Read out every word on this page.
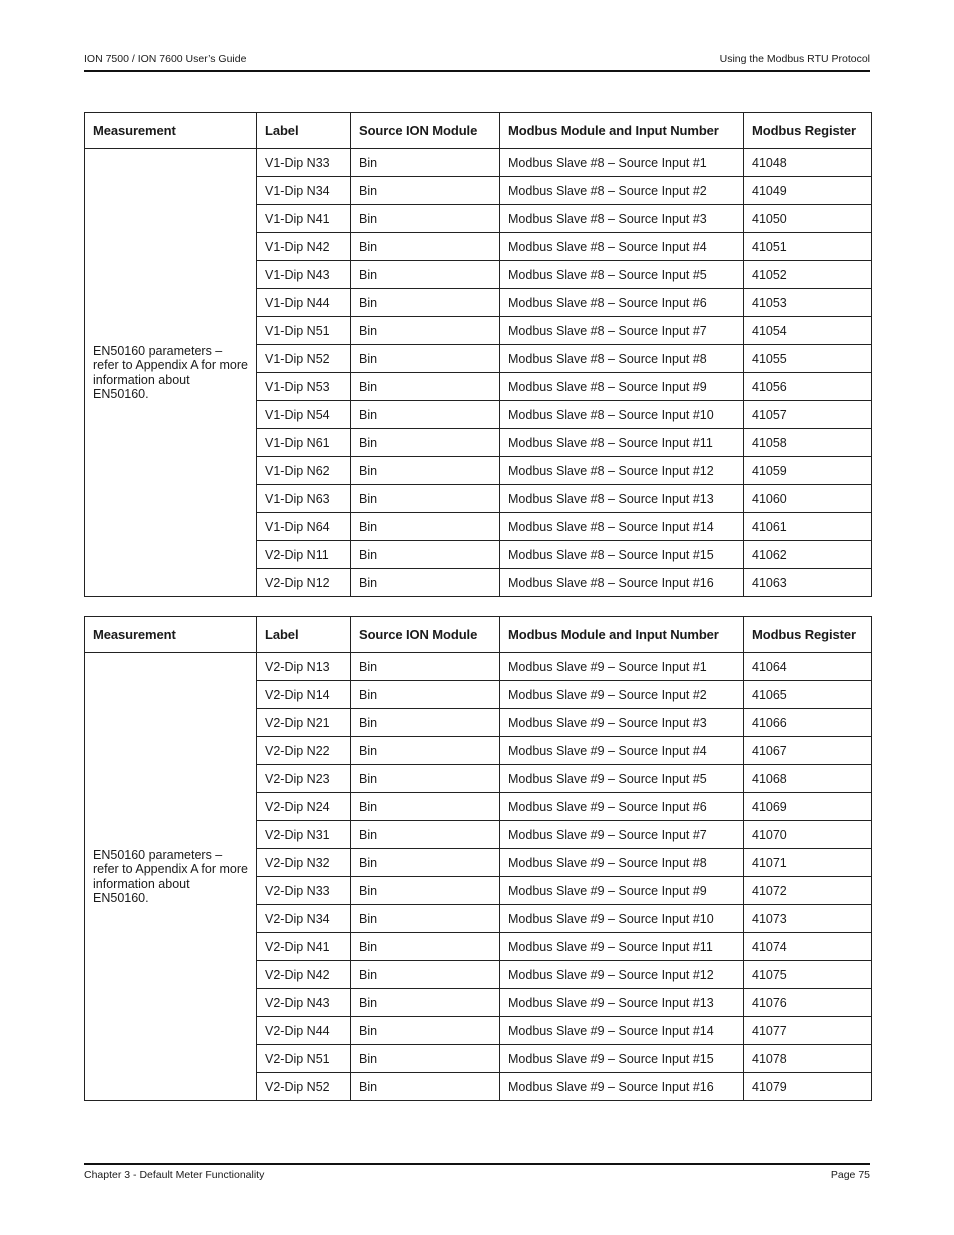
ION 7500 / ION 7600 User’s Guide	Using the Modbus RTU Protocol
Measurement	Label	Source ION Module	Modbus Module and Input Number	Modbus Register
EN50160 parameters – refer to Appendix A for more information about EN50160.	V1-Dip N33	Bin	Modbus Slave #8 – Source Input #1	41048
	V1-Dip N34	Bin	Modbus Slave #8 – Source Input #2	41049
	V1-Dip N41	Bin	Modbus Slave #8 – Source Input #3	41050
	V1-Dip N42	Bin	Modbus Slave #8 – Source Input #4	41051
	V1-Dip N43	Bin	Modbus Slave #8 – Source Input #5	41052
	V1-Dip N44	Bin	Modbus Slave #8 – Source Input #6	41053
	V1-Dip N51	Bin	Modbus Slave #8 – Source Input #7	41054
	V1-Dip N52	Bin	Modbus Slave #8 – Source Input #8	41055
	V1-Dip N53	Bin	Modbus Slave #8 – Source Input #9	41056
	V1-Dip N54	Bin	Modbus Slave #8 – Source Input #10	41057
	V1-Dip N61	Bin	Modbus Slave #8 – Source Input #11	41058
	V1-Dip N62	Bin	Modbus Slave #8 – Source Input #12	41059
	V1-Dip N63	Bin	Modbus Slave #8 – Source Input #13	41060
	V1-Dip N64	Bin	Modbus Slave #8 – Source Input #14	41061
	V2-Dip N11	Bin	Modbus Slave #8 – Source Input #15	41062
	V2-Dip N12	Bin	Modbus Slave #8 – Source Input #16	41063
Measurement	Label	Source ION Module	Modbus Module and Input Number	Modbus Register
EN50160 parameters – refer to Appendix A for more information about EN50160.	V2-Dip N13	Bin	Modbus Slave #9 – Source Input #1	41064
	V2-Dip N14	Bin	Modbus Slave #9 – Source Input #2	41065
	V2-Dip N21	Bin	Modbus Slave #9 – Source Input #3	41066
	V2-Dip N22	Bin	Modbus Slave #9 – Source Input #4	41067
	V2-Dip N23	Bin	Modbus Slave #9 – Source Input #5	41068
	V2-Dip N24	Bin	Modbus Slave #9 – Source Input #6	41069
	V2-Dip N31	Bin	Modbus Slave #9 – Source Input #7	41070
	V2-Dip N32	Bin	Modbus Slave #9 – Source Input #8	41071
	V2-Dip N33	Bin	Modbus Slave #9 – Source Input #9	41072
	V2-Dip N34	Bin	Modbus Slave #9 – Source Input #10	41073
	V2-Dip N41	Bin	Modbus Slave #9 – Source Input #11	41074
	V2-Dip N42	Bin	Modbus Slave #9 – Source Input #12	41075
	V2-Dip N43	Bin	Modbus Slave #9 – Source Input #13	41076
	V2-Dip N44	Bin	Modbus Slave #9 – Source Input #14	41077
	V2-Dip N51	Bin	Modbus Slave #9 – Source Input #15	41078
	V2-Dip N52	Bin	Modbus Slave #9 – Source Input #16	41079
Chapter 3 - Default Meter Functionality	Page 75
